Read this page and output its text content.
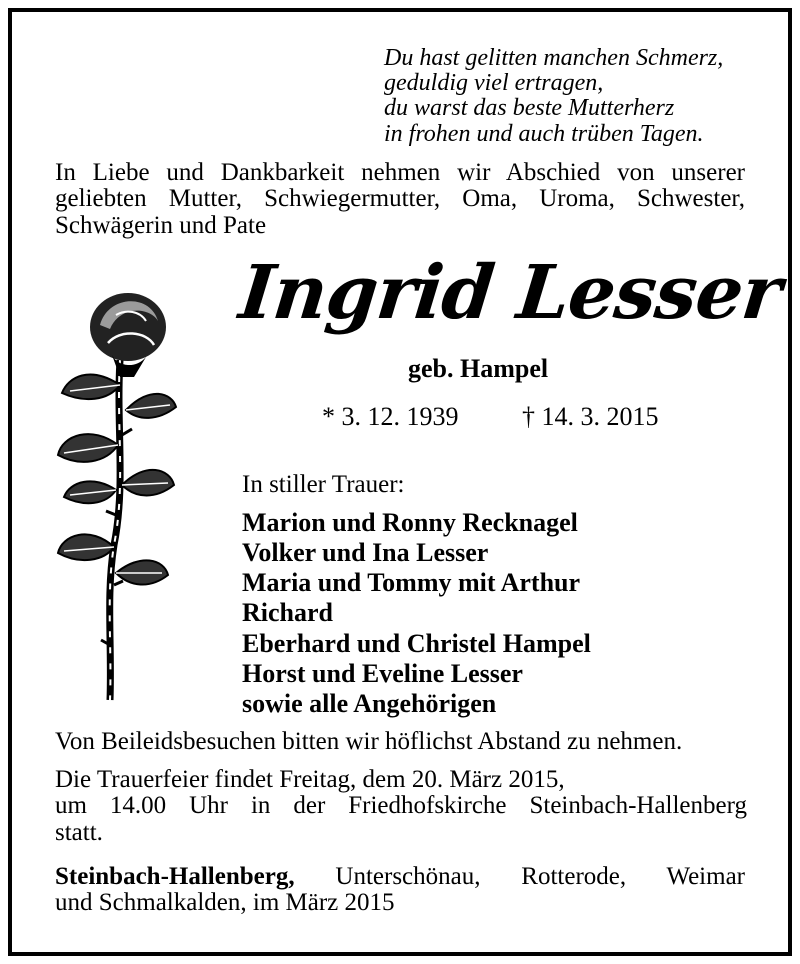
Du hast gelitten manchen Schmerz,
geduldig viel ertragen,
du warst das beste Mutterherz
in frohen und auch trüben Tagen.
In Liebe und Dankbarkeit nehmen wir Abschied von unserer
geliebten Mutter, Schwiegermutter, Oma, Uroma, Schwester,
Schwägerin und Pate
Ingrid Lesser
geb. Hampel
* 3. 12. 1939 † 14. 3. 2015
In stiller Trauer:
Marion und Ronny Recknagel
Volker und Ina Lesser
Maria und Tommy mit Arthur
Richard
Eberhard und Christel Hampel
Horst und Eveline Lesser
sowie alle Angehörigen
Von Beileidsbesuchen bitten wir höflichst Abstand zu nehmen.
Die Trauerfeier findet Freitag, dem 20. März 2015,
um 14.00 Uhr in der Friedhofskirche Steinbach-Hallenberg
statt.
Steinbach-Hallenberg, Unterschönau, Rotterode, Weimar
und Schmalkalden, im März 2015
